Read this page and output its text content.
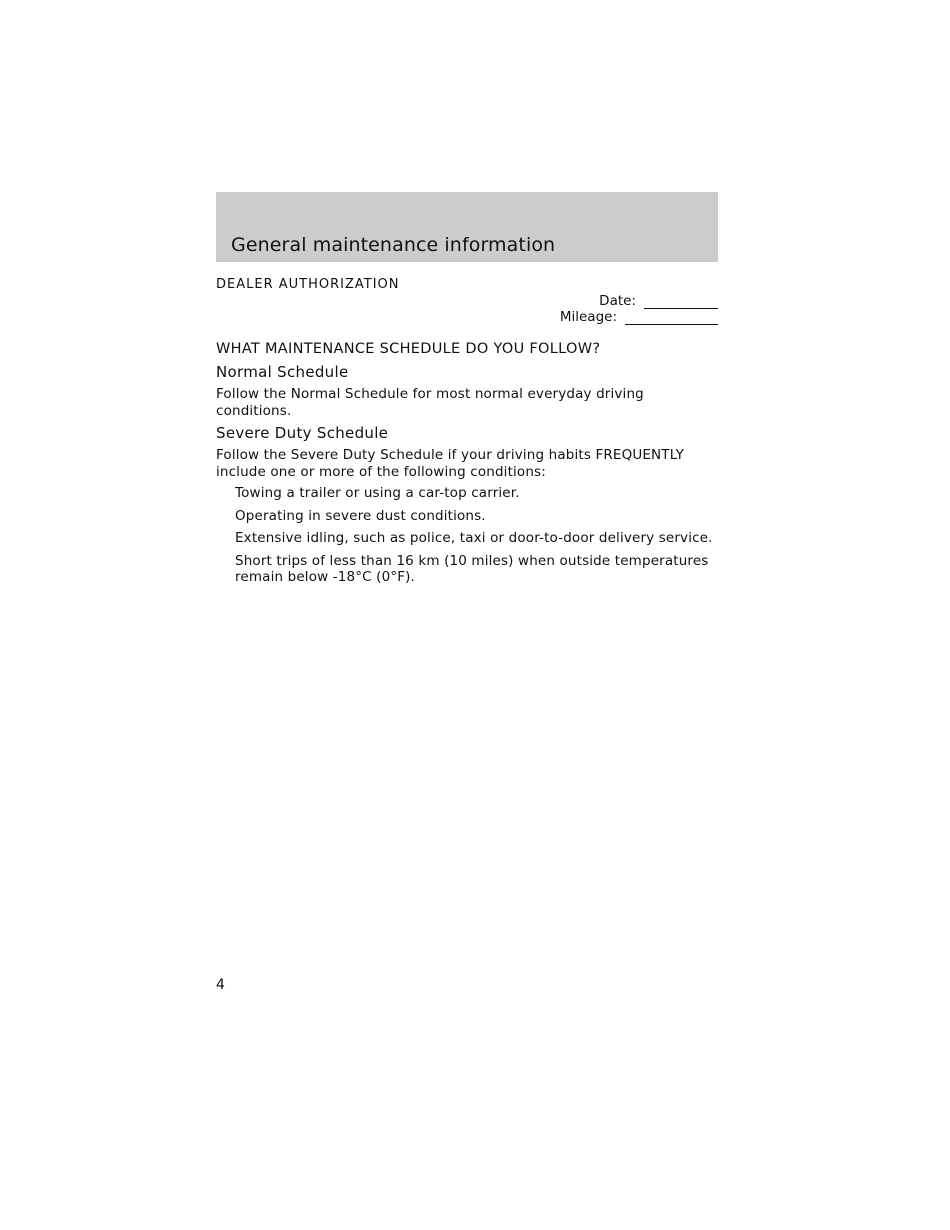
General maintenance information
DEALER AUTHORIZATION
Date:
Mileage:
WHAT MAINTENANCE SCHEDULE DO YOU FOLLOW?
Normal Schedule
Follow the Normal Schedule for most normal everyday driving
conditions.
Severe Duty Schedule
Follow the Severe Duty Schedule if your driving habits FREQUENTLY
include one or more of the following conditions:
Towing a trailer or using a car-top carrier.
Operating in severe dust conditions.
Extensive idling, such as police, taxi or door-to-door delivery service.
Short trips of less than 16 km (10 miles) when outside temperatures remain below -18°C (0°F).
4
